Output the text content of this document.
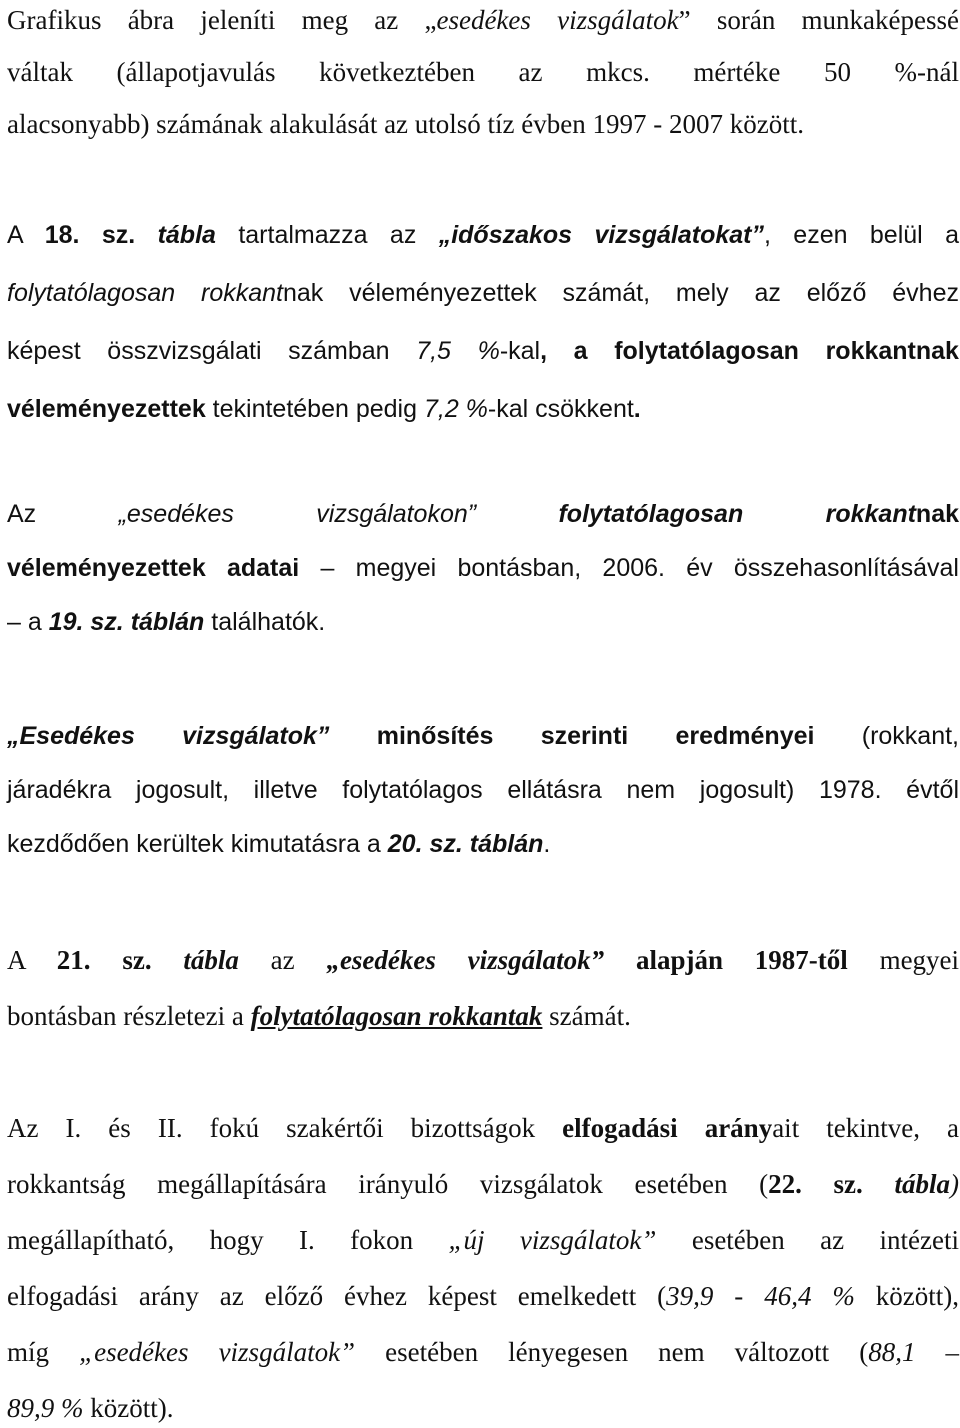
Grafikus ábra jeleníti meg az „esedékes vizsgálatok” során munkaképessé
váltak (állapotjavulás következtében az mkcs. mértéke 50 %-nál
alacsonyabb) számának alakulását az utolsó tíz évben 1997 - 2007 között.
A 18. sz. tábla tartalmazza az „időszakos vizsgálatokat”, ezen belül a
folytatólagosan rokkantnak véleményezettek számát, mely az előző évhez
képest összvizsgálati számban 7,5 %-kal, a folytatólagosan rokkantnak
véleményezettek tekintetében pedig 7,2 %-kal csökkent.
Az „esedékes vizsgálatokon”	folytatólagosan rokkantnak
véleményezettek adatai – megyei bontásban, 2006. év összehasonlításával
– a 19. sz. táblán találhatók.
„Esedékes vizsgálatok” minősítés szerinti eredményei (rokkant,
járadékra jogosult, illetve folytatólagos ellátásra nem jogosult) 1978. évtől
kezdődően kerültek kimutatásra a 20. sz. táblán.
A 21. sz. tábla az „esedékes vizsgálatok” alapján 1987-től megyei
bontásban részletezi a folytatólagosan rokkantak számát.
Az I. és II. fokú szakértői bizottságok elfogadási arányait tekintve, a
rokkantság megállapítására irányuló vizsgálatok esetében (22. sz. tábla)
megállapítható, hogy I. fokon „új vizsgálatok” esetében az intézeti
elfogadási arány az előző évhez képest emelkedett (39,9 - 46,4 % között),
míg „esedékes vizsgálatok” esetében lényegesen nem változott (88,1 –
89,9 % között).
